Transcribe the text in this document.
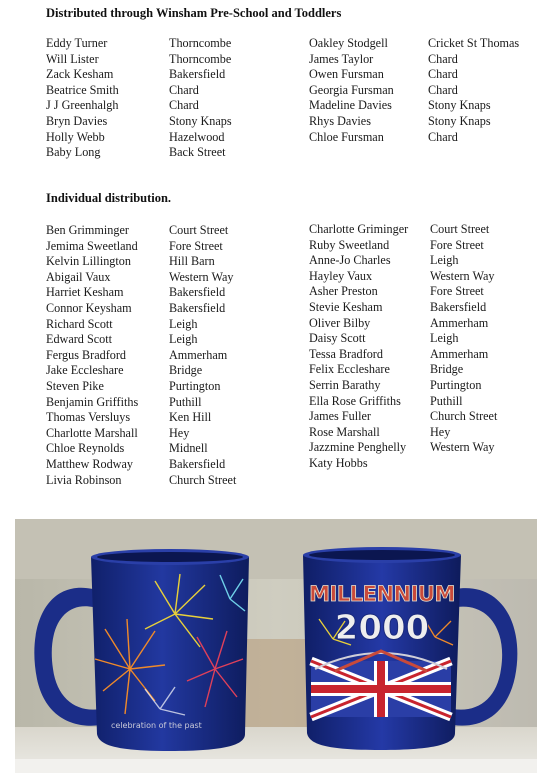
Distributed through Winsham Pre-School and Toddlers
Eddy Turner
Will Lister
Zack Kesham
Beatrice Smith
J J Greenhalgh
Bryn Davies
Holly Webb
Baby Long
Thorncombe
Thorncombe
Bakersfield
Chard
Chard
Stony Knaps
Hazelwood
Back Street
Oakley Stodgell
James Taylor
Owen Fursman
Georgia Fursman
Madeline Davies
Rhys Davies
Chloe Fursman
Cricket St Thomas
Chard
Chard
Chard
Stony Knaps
Stony Knaps
Chard
Individual distribution.
Ben Grimminger
Jemima Sweetland
Kelvin Lillington
Abigail Vaux
Harriet Kesham
Connor Keysham
Richard Scott
Edward Scott
Fergus Bradford
Jake Eccleshare
Steven Pike
Benjamin Griffiths
Thomas Versluys
Charlotte Marshall
Chloe Reynolds
Matthew Rodway
Livia Robinson
Court Street
Fore Street
Hill Barn
Western Way
Bakersfield
Bakersfield
Leigh
Leigh
Ammerham
Bridge
Purtington
Puthill
Ken Hill
Hey
Midnell
Bakersfield
Church Street
Charlotte Griminger
Ruby Sweetland
Anne-Jo Charles
Hayley Vaux
Asher Preston
Stevie Kesham
Oliver Bilby
Daisy Scott
Tessa Bradford
Felix Eccleshare
Serrin Barathy
Ella Rose Griffiths
James Fuller
Rose Marshall
Jazzmine Penghelly
Katy Hobbs
Court Street
Fore Street
Leigh
Western Way
Fore Street
Bakersfield
Ammerham
Leigh
Ammerham
Bridge
Purtington
Puthill
Church Street
Hey
Western Way
celebration of the past
MILLENNIUM
2000
